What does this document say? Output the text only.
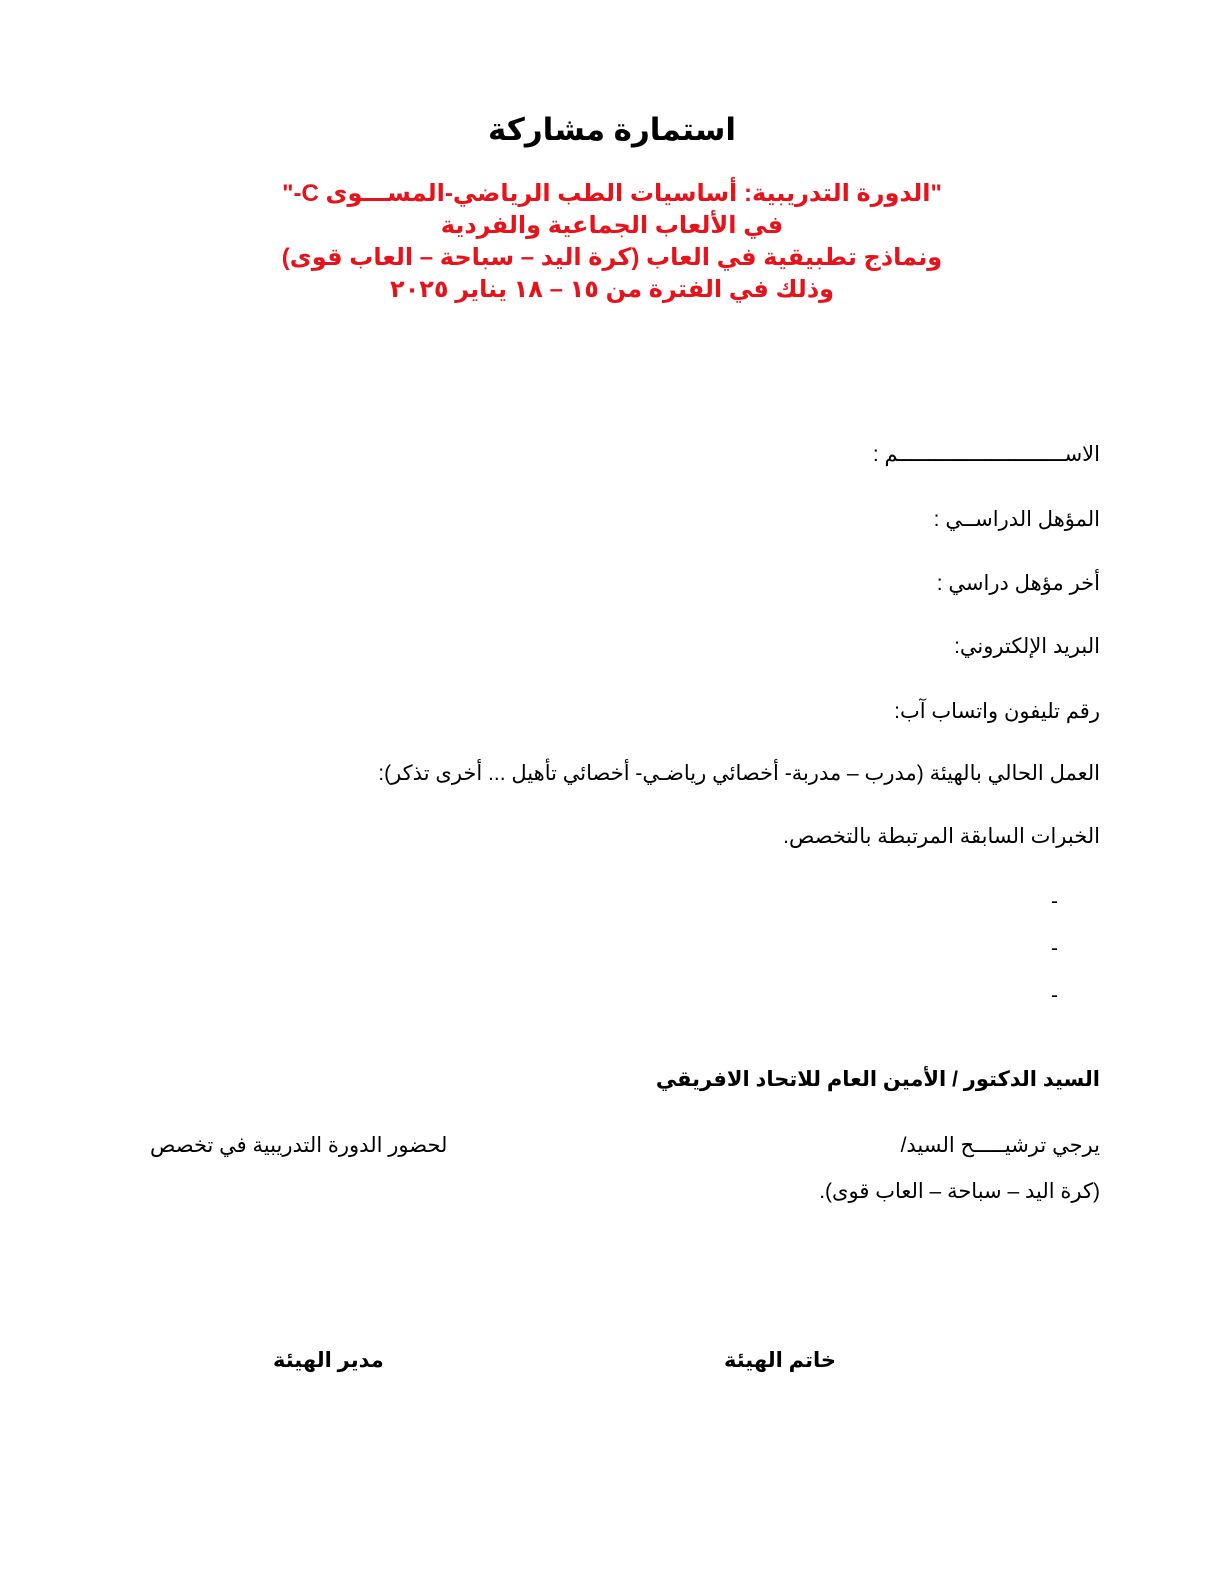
استمارة مشاركة
"الدورة التدريبية: أساسيات الطب الرياضي-المســـوى C-"
في الألعاب الجماعية والفردية
ونماذج تطبيقية في العاب (كرة اليد – سباحة – العاب قوى)
وذلك في الفترة من ١٥ – ١٨ يناير ٢٠٢٥
الاســـــــــــــــــــــــــــم :
المؤهل الدراســي :
أخر مؤهل دراسي :
البريد الإلكتروني:
رقم تليفون واتساب آب:
العمل الحالي بالهيئة (مدرب – مدربة- أخصائي رياضـي- أخصائي تأهيل ... أخرى تذكر):
الخبرات السابقة المرتبطة بالتخصص.
-
-
-
السيد الدكتور / الأمين العام للاتحاد الافريقي
يرجي ترشيـــــح السيد/
لحضور الدورة التدريبية في تخصص
(كرة اليد – سباحة – العاب قوى).
خاتم الهيئة
مدير الهيئة
